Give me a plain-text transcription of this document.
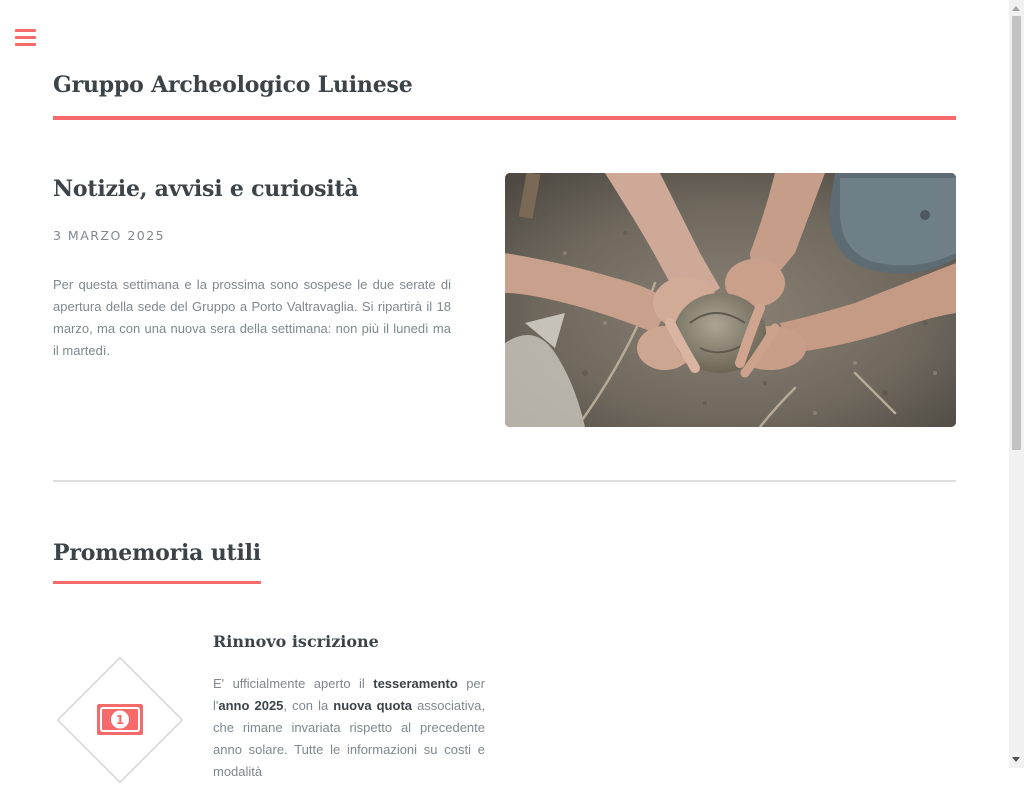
Gruppo Archeologico Luinese
Notizie, avvisi e curiosità
3 MARZO 2025

Per questa settimana e la prossima sono sospese le due serate di apertura della sede del Gruppo a Porto Valtravaglia. Si ripartirà il 18 marzo, ma con una nuova sera della settimana: non più il lunedì ma il martedì.

Promemoria utili
1
Rinnovo iscrizione

E' ufficialmente aperto il tesseramento per l'anno 2025, con la nuova quota associativa, che rimane invariata rispetto al precedente anno solare. Tutte le informazioni su costi e modalità
